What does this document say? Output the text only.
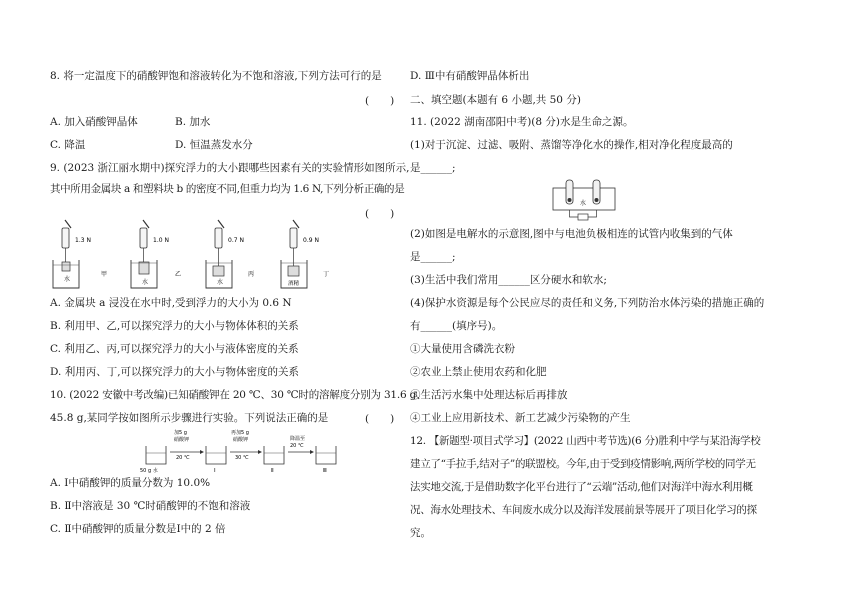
8. 将一定温度下的硝酸钾饱和溶液转化为不饱和溶液,下列方法可行的是
(　　)
A. 加入硝酸钾晶体	B. 加水
C. 降温	D. 恒温蒸发水分
9. (2023 浙江丽水期中)探究浮力的大小跟哪些因素有关的实验情形如图所示,
其中所用金属块 a 和塑料块 b 的密度不同,但重力均为 1.6 N,下列分析正确的是
(　　)
1.3 N
水
甲
1.0 N
水
乙
0.7 N
水
丙
0.9 N
酒精
丁
A. 金属块 a 浸没在水中时,受到浮力的大小为 0.6 N
B. 利用甲、乙,可以探究浮力的大小与物体体积的关系
C. 利用乙、丙,可以探究浮力的大小与液体密度的关系
D. 利用丙、丁,可以探究浮力的大小与物体密度的关系
10. (2022 安徽中考改编)已知硝酸钾在 20 ℃、30 ℃时的溶解度分别为 31.6 g、
45.8 g,某同学按如图所示步骤进行实验。下列说法正确的是	(　　)
加5 g
硝酸钾
20 ℃
再加5 g
硝酸钾
30 ℃
降温至
20 ℃
50 g 水	Ⅰ	Ⅱ	Ⅲ
A. Ⅰ中硝酸钾的质量分数为 10.0%
B. Ⅱ中溶液是 30 ℃时硝酸钾的不饱和溶液
C. Ⅱ中硝酸钾的质量分数是Ⅰ中的 2 倍
D. Ⅲ中有硝酸钾晶体析出
二、填空题(本题有 6 小题,共 50 分)
11. (2022 湖南邵阳中考)(8 分)水是生命之源。
(1)对于沉淀、过滤、吸附、蒸馏等净化水的操作,相对净化程度最高的
是______;
水
(2)如图是电解水的示意图,图中与电池负极相连的试管内收集到的气体
是______;
(3)生活中我们常用______区分硬水和软水;
(4)保护水资源是每个公民应尽的责任和义务,下列防治水体污染的措施正确的
有______(填序号)。
①大量使用含磷洗衣粉
②农业上禁止使用农药和化肥
③生活污水集中处理达标后再排放
④工业上应用新技术、新工艺减少污染物的产生
12. 【新题型·项目式学习】(2022 山西中考节选)(6 分)胜利中学与某沿海学校
建立了“手拉手,结对子”的联盟校。今年,由于受到疫情影响,两所学校的同学无
法实地交流,于是借助数字化平台进行了“云端”活动,他们对海洋中海水利用概
况、海水处理技术、车间废水成分以及海洋发展前景等展开了项目化学习的探
究。
